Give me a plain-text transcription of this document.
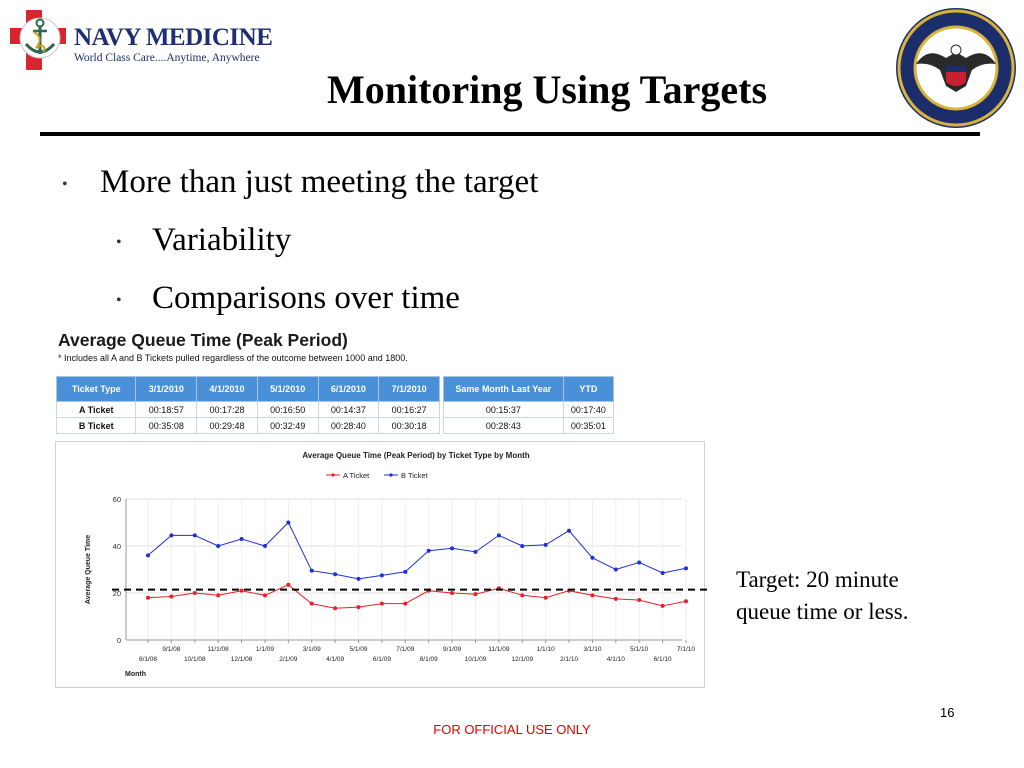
NAVY MEDICINE
World Class Care....Anytime, Anywhere
Monitoring Using Targets
• More than just meeting the target
• Variability
• Comparisons over time
Average Queue Time (Peak Period)
* Includes all A and B Tickets pulled regardless of the outcome between 1000 and 1800.
Ticket Type	3/1/2010	4/1/2010	5/1/2010	6/1/2010	7/1/2010
A Ticket	00:18:57	00:17:28	00:16:50	00:14:37	00:16:27
B Ticket	00:35:08	00:29:48	00:32:49	00:28:40	00:30:18
Same Month Last Year	YTD
00:15:37	00:17:40
00:28:43	00:35:01
Average Queue Time (Peak Period) by Ticket Type by Month
A Ticket	B Ticket
0
20
40
60
8/1/08
9/1/08
10/1/08
11/1/08
12/1/08
1/1/09
2/1/09
3/1/09
4/1/09
5/1/09
6/1/09
7/1/09
8/1/09
9/1/09
10/1/09
11/1/09
12/1/09
1/1/10
2/1/10
3/1/10
4/1/10
5/1/10
6/1/10
7/1/10
Month
Average Queue Time	Target: 20 minute
queue time or less.
16
FOR OFFICIAL USE ONLY
